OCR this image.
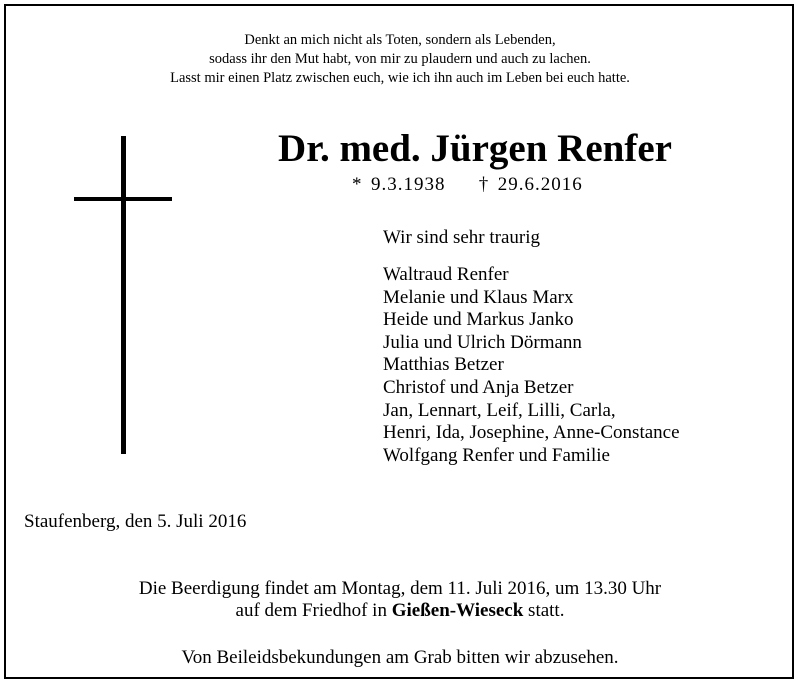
Denkt an mich nicht als Toten, sondern als Lebenden,
sodass ihr den Mut habt, von mir zu plaudern und auch zu lachen.
Lasst mir einen Platz zwischen euch, wie ich ihn auch im Leben bei euch hatte.
Dr. med. Jürgen Renfer
* 9.3.1938 † 29.6.2016
Wir sind sehr traurig
Waltraud Renfer
Melanie und Klaus Marx
Heide und Markus Janko
Julia und Ulrich Dörmann
Matthias Betzer
Christof und Anja Betzer
Jan, Lennart, Leif, Lilli, Carla,
Henri, Ida, Josephine, Anne-Constance
Wolfgang Renfer und Familie
Staufenberg, den 5. Juli 2016
Die Beerdigung findet am Montag, dem 11. Juli 2016, um 13.30 Uhr
auf dem Friedhof in Gießen-Wieseck statt.
Von Beileidsbekundungen am Grab bitten wir abzusehen.
